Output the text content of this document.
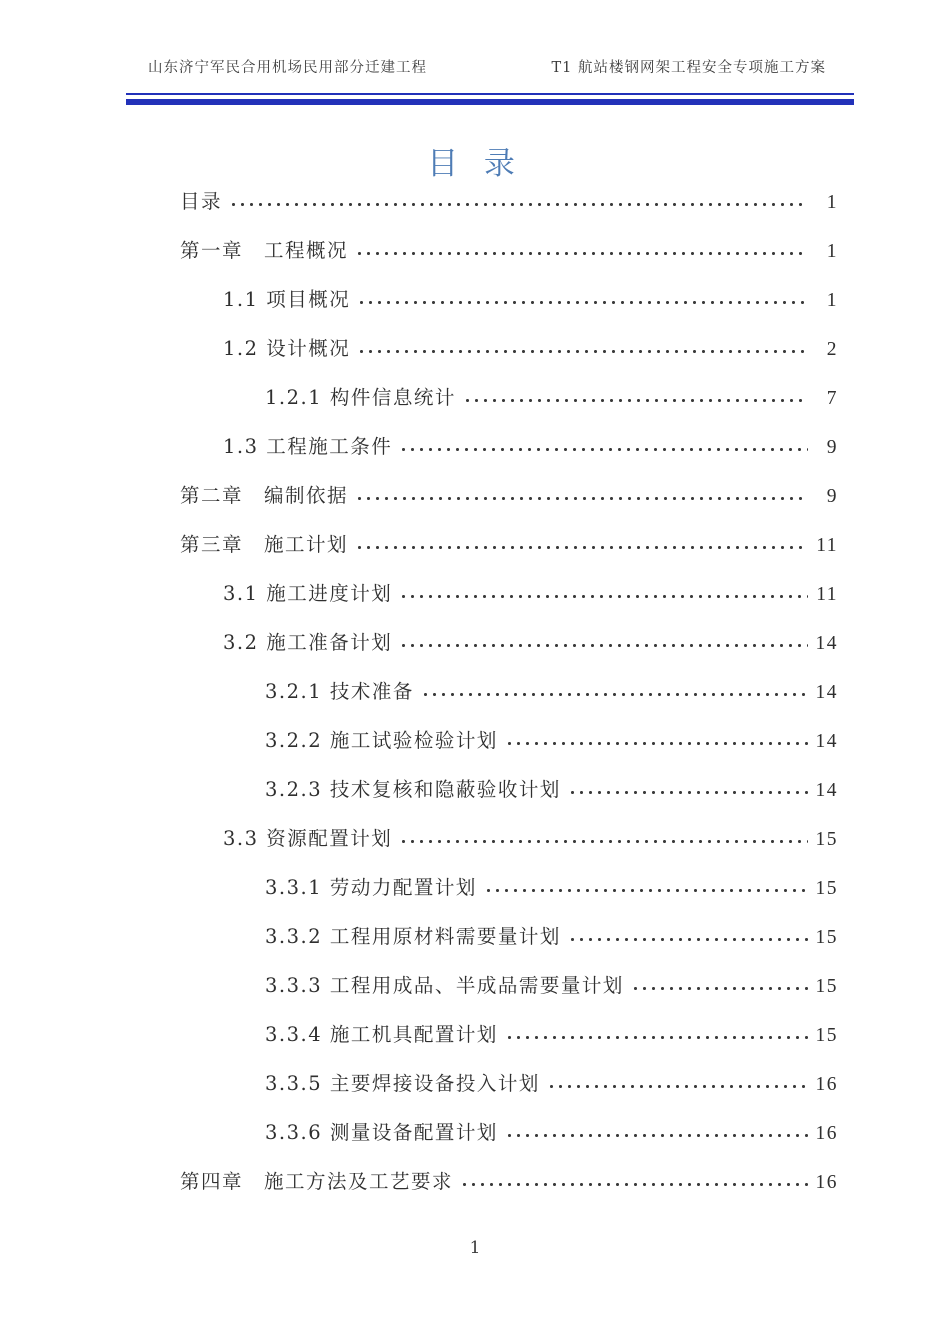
山东济宁军民合用机场民用部分迁建工程	T1 航站楼钢网架工程安全专项施工方案
目 录
目录	1
第一章　工程概况	1
1.1 项目概况	1
1.2 设计概况	2
1.2.1 构件信息统计	7
1.3 工程施工条件	9
第二章　编制依据	9
第三章　施工计划	11
3.1 施工进度计划	11
3.2 施工准备计划	14
3.2.1 技术准备	14
3.2.2 施工试验检验计划	14
3.2.3 技术复核和隐蔽验收计划	14
3.3 资源配置计划	15
3.3.1 劳动力配置计划	15
3.3.2 工程用原材料需要量计划	15
3.3.3 工程用成品、半成品需要量计划	15
3.3.4 施工机具配置计划	15
3.3.5 主要焊接设备投入计划	16
3.3.6 测量设备配置计划	16
第四章　施工方法及工艺要求	16
1
